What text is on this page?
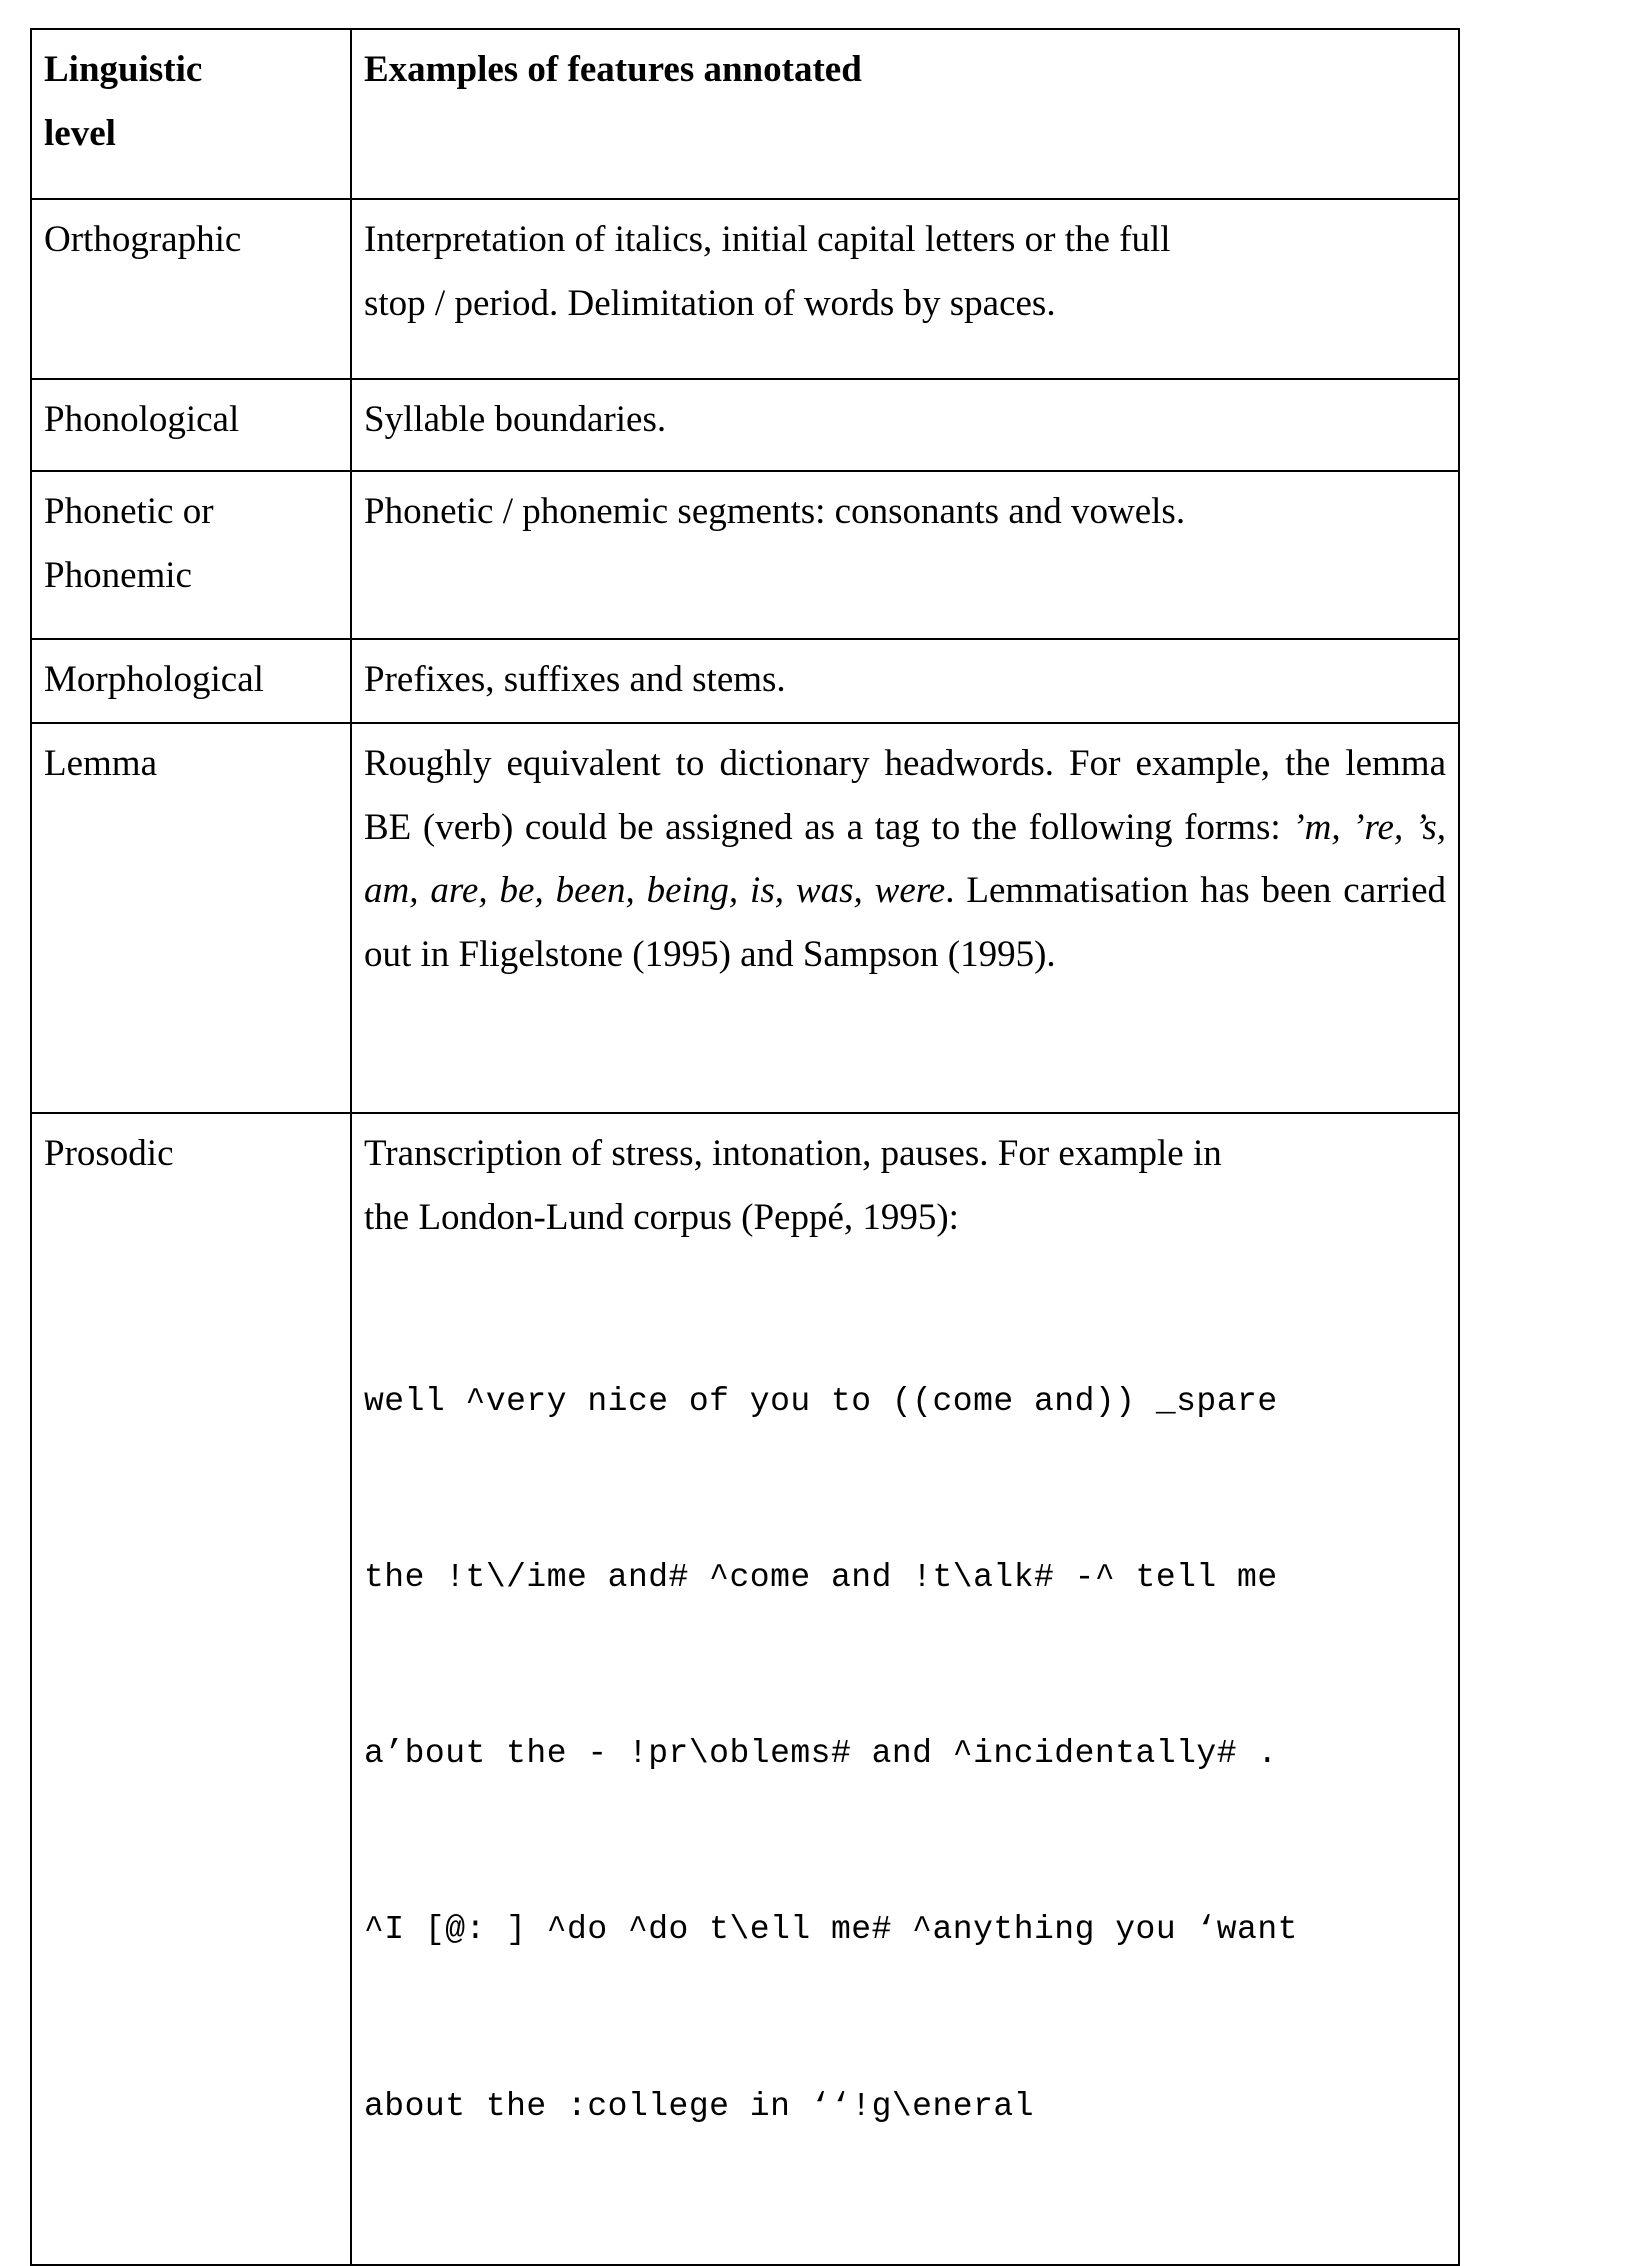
Linguistic
level	Examples of features annotated
Orthographic	Interpretation of italics, initial capital letters or the full

stop / period. Delimitation of words by spaces.

Phonological	Syllable boundaries.

Phonetic or
Phonemic	Phonetic / phonemic segments: consonants and vowels.

Morphological	Prefixes, suffixes and stems.

Lemma	Roughly equivalent to dictionary headwords. For example, the lemma BE (verb) could be assigned as a tag to the following forms: ’m, ’re, ’s, am, are, be, been, being, is, was, were. Lemmatisation has been carried out in Fligelstone (1995) and Sampson (1995).

Prosodic	Transcription of stress, intonation, pauses. For example in

the London-Lund corpus (Peppé, 1995):

well ^very nice of you to ((come and)) _spare

the !t\/ime and# ^come and !t\alk# -^ tell me

a’bout the - !pr\oblems# and ^incidentally# .

^I [@: ] ^do ^do t\ell me# ^anything you ‘want

about the :college in ‘‘!g\eneral
